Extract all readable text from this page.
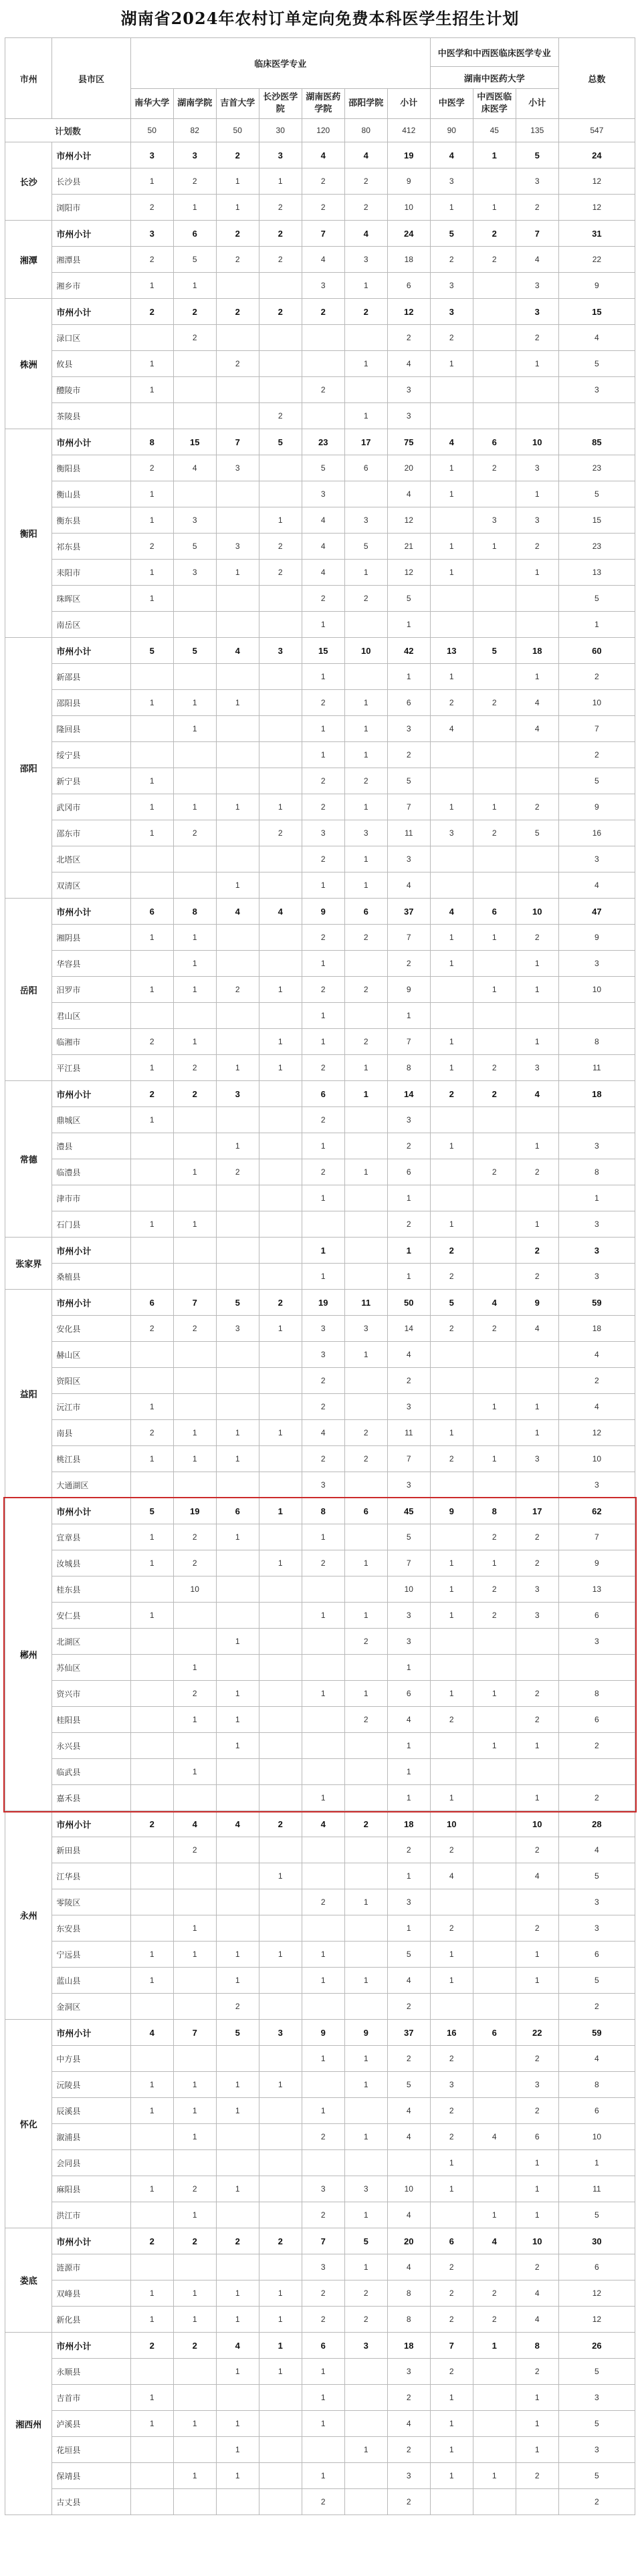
湖南省2024年农村订单定向免费本科医学生招生计划
市州	县市区	临床医学专业							中医学和中西医临床医学专业			总数
									湖南中医药大学			
		南华大学	湖南学院	吉首大学	长沙医学院	湖南医药学院	邵阳学院	小计	中医学	中西医临床医学	小计	
计划数		50	82	50	30	120	80	412	90	45	135	547
长沙	市州小计	3	3	2	3	4	4	19	4	1	5	24
	长沙县	1	2	1	1	2	2	9	3		3	12
	浏阳市	2	1	1	2	2	2	10	1	1	2	12
湘潭	市州小计	3	6	2	2	7	4	24	5	2	7	31
	湘潭县	2	5	2	2	4	3	18	2	2	4	22
	湘乡市	1	1			3	1	6	3		3	9
株洲	市州小计	2	2	2	2	2	2	12	3		3	15
	渌口区		2					2	2		2	4
	攸县	1		2			1	4	1		1	5
	醴陵市	1				2		3				3
	茶陵县				2		1	3				
衡阳	市州小计	8	15	7	5	23	17	75	4	6	10	85
	衡阳县	2	4	3		5	6	20	1	2	3	23
	衡山县	1				3		4	1		1	5
	衡东县	1	3		1	4	3	12		3	3	15
	祁东县	2	5	3	2	4	5	21	1	1	2	23
	耒阳市	1	3	1	2	4	1	12	1		1	13
	珠晖区	1				2	2	5				5
	南岳区					1		1				1
邵阳	市州小计	5	5	4	3	15	10	42	13	5	18	60
	新邵县					1		1	1		1	2
	邵阳县	1	1	1		2	1	6	2	2	4	10
	隆回县		1			1	1	3	4		4	7
	绥宁县					1	1	2				2
	新宁县	1				2	2	5				5
	武冈市	1	1	1	1	2	1	7	1	1	2	9
	邵东市	1	2		2	3	3	11	3	2	5	16
	北塔区					2	1	3				3
	双清区			1		1	1	4				4
岳阳	市州小计	6	8	4	4	9	6	37	4	6	10	47
	湘阴县	1	1			2	2	7	1	1	2	9
	华容县		1			1		2	1		1	3
	汨罗市	1	1	2	1	2	2	9		1	1	10
	君山区					1		1				
	临湘市	2	1		1	1	2	7	1		1	8
	平江县	1	2	1	1	2	1	8	1	2	3	11
常德	市州小计	2	2	3		6	1	14	2	2	4	18
	鼎城区	1				2		3				
	澧县			1		1		2	1		1	3
	临澧县		1	2		2	1	6		2	2	8
	津市市					1		1				1
	石门县	1	1					2	1		1	3
张家界	市州小计					1		1	2		2	3
	桑植县					1		1	2		2	3
益阳	市州小计	6	7	5	2	19	11	50	5	4	9	59
	安化县	2	2	3	1	3	3	14	2	2	4	18
	赫山区					3	1	4				4
	资阳区					2		2				2
	沅江市	1				2		3		1	1	4
	南县	2	1	1	1	4	2	11	1		1	12
	桃江县	1	1	1		2	2	7	2	1	3	10
	大通湖区					3		3				3
郴州	市州小计	5	19	6	1	8	6	45	9	8	17	62
	宜章县	1	2	1		1		5		2	2	7
	汝城县	1	2		1	2	1	7	1	1	2	9
	桂东县		10					10	1	2	3	13
	安仁县	1				1	1	3	1	2	3	6
	北湖区			1			2	3				3
	苏仙区		1					1				
	资兴市		2	1		1	1	6	1	1	2	8
	桂阳县		1	1			2	4	2		2	6
	永兴县			1				1		1	1	2
	临武县		1					1				
	嘉禾县					1		1	1		1	2
永州	市州小计	2	4	4	2	4	2	18	10		10	28
	新田县		2					2	2		2	4
	江华县				1			1	4		4	5
	零陵区					2	1	3				3
	东安县		1					1	2		2	3
	宁远县	1	1	1	1	1		5	1		1	6
	蓝山县	1		1		1	1	4	1		1	5
	金洞区			2				2				2
怀化	市州小计	4	7	5	3	9	9	37	16	6	22	59
	中方县					1	1	2	2		2	4
	沅陵县	1	1	1	1		1	5	3		3	8
	辰溪县	1	1	1		1		4	2		2	6
	溆浦县		1			2	1	4	2	4	6	10
	会同县								1		1	1
	麻阳县	1	2	1		3	3	10	1		1	11
	洪江市		1			2	1	4		1	1	5
娄底	市州小计	2	2	2	2	7	5	20	6	4	10	30
	涟源市					3	1	4	2		2	6
	双峰县	1	1	1	1	2	2	8	2	2	4	12
	新化县	1	1	1	1	2	2	8	2	2	4	12
湘西州	市州小计	2	2	4	1	6	3	18	7	1	8	26
	永顺县			1	1	1		3	2		2	5
	吉首市	1				1		2	1		1	3
	泸溪县	1	1	1		1		4	1		1	5
	花垣县			1			1	2	1		1	3
	保靖县		1	1		1		3	1	1	2	5
	古丈县					2		2				2
